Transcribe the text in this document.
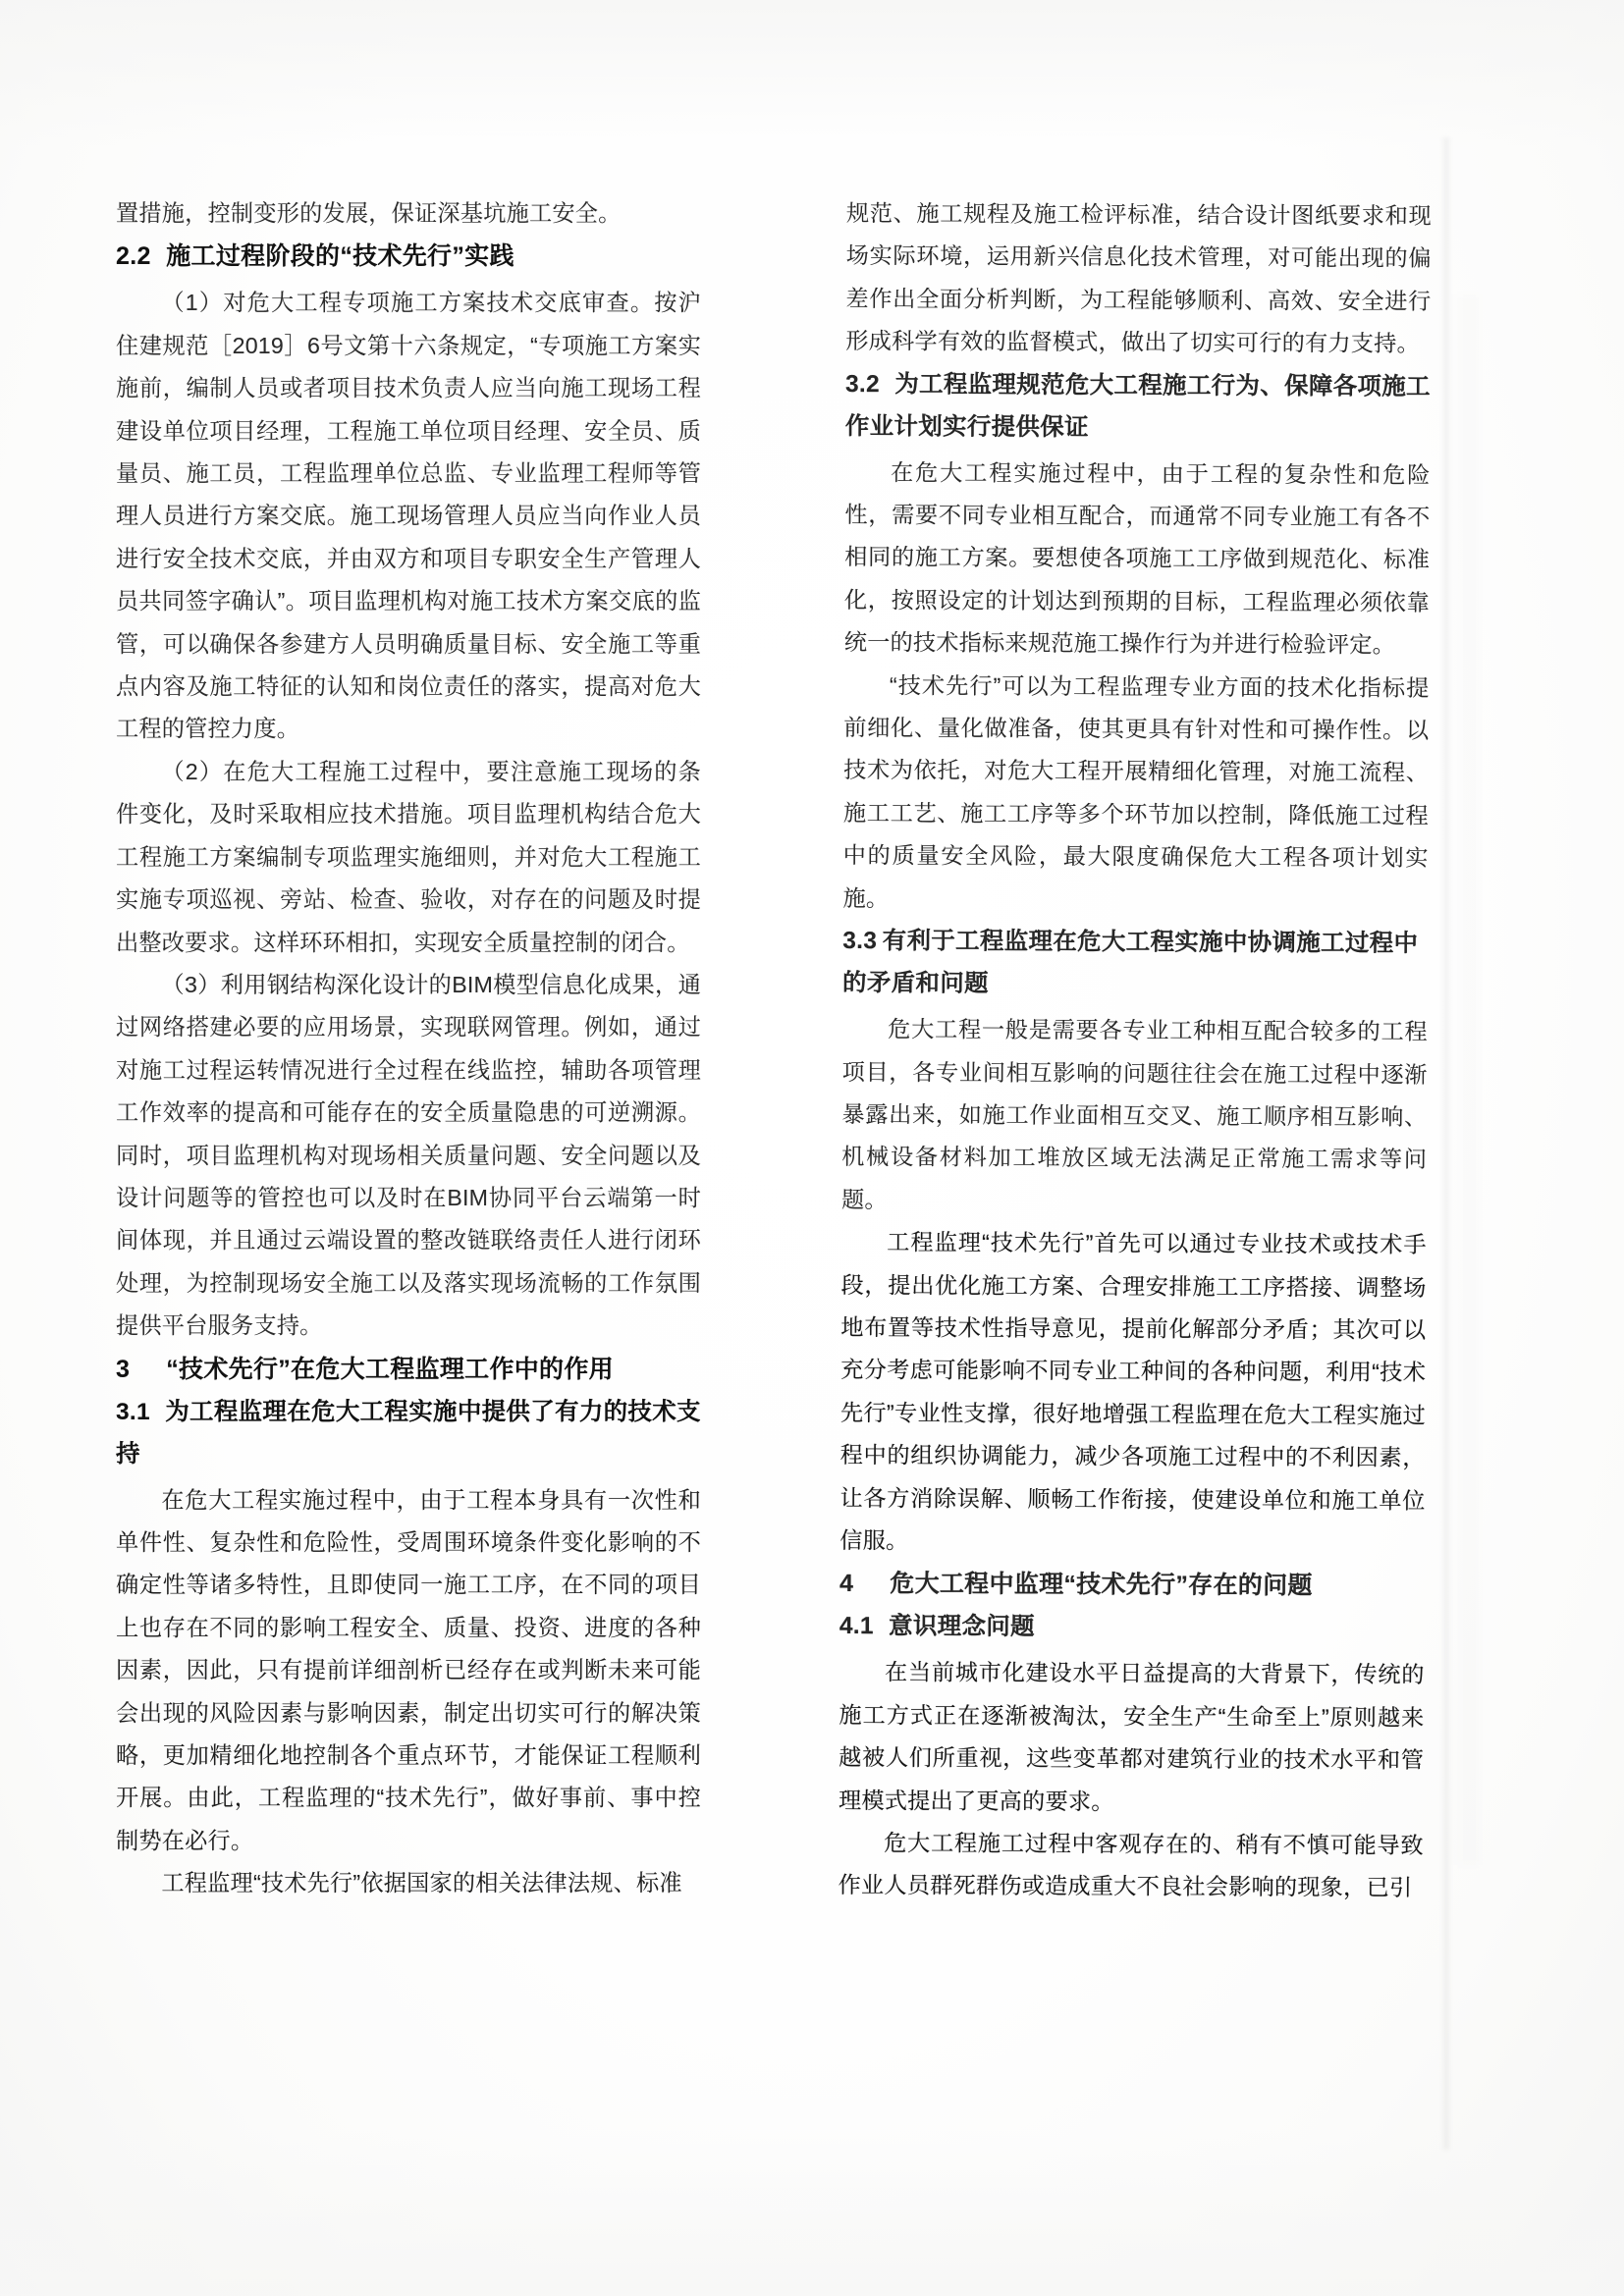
置措施，控制变形的发展，保证深基坑施工安全。

2.2 施工过程阶段的“技术先行”实践

（1）对危大工程专项施工方案技术交底审查。按沪住建规范［2019］6号文第十六条规定，“专项施工方案实施前，编制人员或者项目技术负责人应当向施工现场工程建设单位项目经理，工程施工单位项目经理、安全员、质量员、施工员，工程监理单位总监、专业监理工程师等管理人员进行方案交底。施工现场管理人员应当向作业人员进行安全技术交底，并由双方和项目专职安全生产管理人员共同签字确认”。项目监理机构对施工技术方案交底的监管，可以确保各参建方人员明确质量目标、安全施工等重点内容及施工特征的认知和岗位责任的落实，提高对危大工程的管控力度。

（2）在危大工程施工过程中，要注意施工现场的条件变化，及时采取相应技术措施。项目监理机构结合危大工程施工方案编制专项监理实施细则，并对危大工程施工实施专项巡视、旁站、检查、验收，对存在的问题及时提出整改要求。这样环环相扣，实现安全质量控制的闭合。

（3）利用钢结构深化设计的BIM模型信息化成果，通过网络搭建必要的应用场景，实现联网管理。例如，通过对施工过程运转情况进行全过程在线监控，辅助各项管理工作效率的提高和可能存在的安全质量隐患的可逆溯源。同时，项目监理机构对现场相关质量问题、安全问题以及设计问题等的管控也可以及时在BIM协同平台云端第一时间体现，并且通过云端设置的整改链联络责任人进行闭环处理，为控制现场安全施工以及落实现场流畅的工作氛围提供平台服务支持。

3 “技术先行”在危大工程监理工作中的作用
3.1 为工程监理在危大工程实施中提供了有力的技术支持

在危大工程实施过程中，由于工程本身具有一次性和单件性、复杂性和危险性，受周围环境条件变化影响的不确定性等诸多特性，且即使同一施工工序，在不同的项目上也存在不同的影响工程安全、质量、投资、进度的各种因素，因此，只有提前详细剖析已经存在或判断未来可能会出现的风险因素与影响因素，制定出切实可行的解决策略，更加精细化地控制各个重点环节，才能保证工程顺利开展。由此，工程监理的“技术先行”，做好事前、事中控制势在必行。

工程监理“技术先行”依据国家的相关法律法规、标准

规范、施工规程及施工检评标准，结合设计图纸要求和现场实际环境，运用新兴信息化技术管理，对可能出现的偏差作出全面分析判断，为工程能够顺利、高效、安全进行形成科学有效的监督模式，做出了切实可行的有力支持。

3.2 为工程监理规范危大工程施工行为、保障各项施工作业计划实行提供保证

在危大工程实施过程中，由于工程的复杂性和危险性，需要不同专业相互配合，而通常不同专业施工有各不相同的施工方案。要想使各项施工工序做到规范化、标准化，按照设定的计划达到预期的目标，工程监理必须依靠统一的技术指标来规范施工操作行为并进行检验评定。

“技术先行”可以为工程监理专业方面的技术化指标提前细化、量化做准备，使其更具有针对性和可操作性。以技术为依托，对危大工程开展精细化管理，对施工流程、施工工艺、施工工序等多个环节加以控制，降低施工过程中的质量安全风险，最大限度确保危大工程各项计划实施。

3.3 有利于工程监理在危大工程实施中协调施工过程中的矛盾和问题

危大工程一般是需要各专业工种相互配合较多的工程项目，各专业间相互影响的问题往往会在施工过程中逐渐暴露出来，如施工作业面相互交叉、施工顺序相互影响、机械设备材料加工堆放区域无法满足正常施工需求等问题。

工程监理“技术先行”首先可以通过专业技术或技术手段，提出优化施工方案、合理安排施工工序搭接、调整场地布置等技术性指导意见，提前化解部分矛盾；其次可以充分考虑可能影响不同专业工种间的各种问题，利用“技术先行”专业性支撑，很好地增强工程监理在危大工程实施过程中的组织协调能力，减少各项施工过程中的不利因素，让各方消除误解、顺畅工作衔接，使建设单位和施工单位信服。

4 危大工程中监理“技术先行”存在的问题
4.1 意识理念问题

在当前城市化建设水平日益提高的大背景下，传统的施工方式正在逐渐被淘汰，安全生产“生命至上”原则越来越被人们所重视，这些变革都对建筑行业的技术水平和管理模式提出了更高的要求。

危大工程施工过程中客观存在的、稍有不慎可能导致作业人员群死群伤或造成重大不良社会影响的现象，已引
